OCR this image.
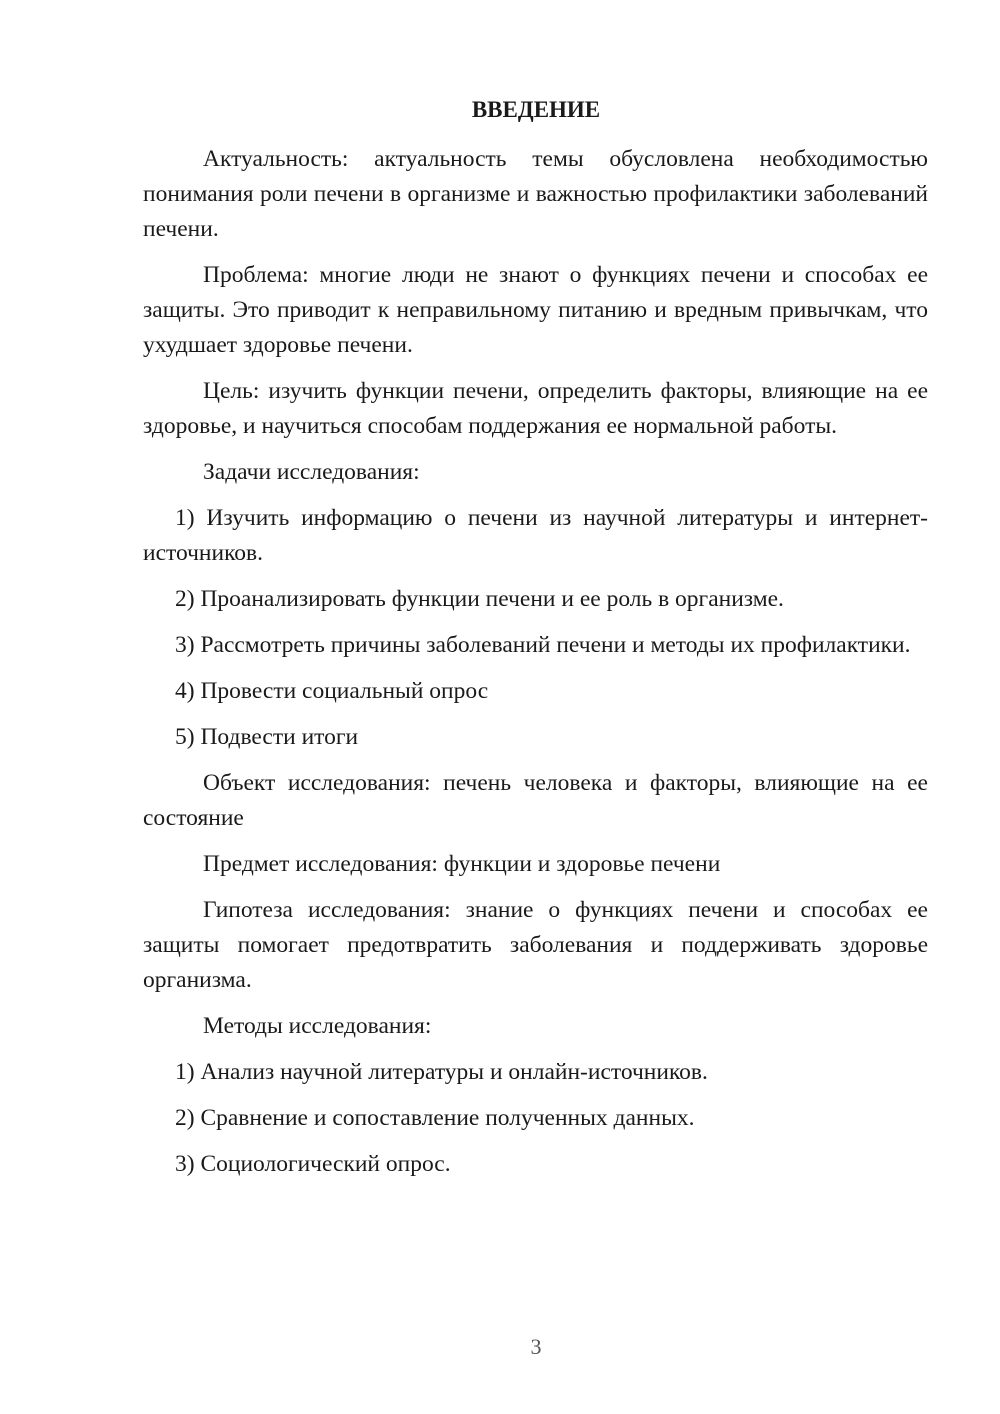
ВВЕДЕНИЕ

Актуальность: актуальность темы обусловлена необходимостью понимания роли печени в организме и важностью профилактики заболеваний печени.

Проблема: многие люди не знают о функциях печени и способах ее защиты. Это приводит к неправильному питанию и вредным привычкам, что ухудшает здоровье печени.

Цель: изучить функции печени, определить факторы, влияющие на ее здоровье, и научиться способам поддержания ее нормальной работы.

Задачи исследования:

1) Изучить информацию о печени из научной литературы и интернет-источников.

2) Проанализировать функции печени и ее роль в организме.

3) Рассмотреть причины заболеваний печени и методы их профилактики.

4) Провести социальный опрос

5) Подвести итоги

Объект исследования: печень человека и факторы, влияющие на ее состояние

Предмет исследования: функции и здоровье печени

Гипотеза исследования: знание о функциях печени и способах ее защиты помогает предотвратить заболевания и поддерживать здоровье организма.

Методы исследования:

1) Анализ научной литературы и онлайн-источников.

2) Сравнение и сопоставление полученных данных.

3) Социологический опрос.

3
